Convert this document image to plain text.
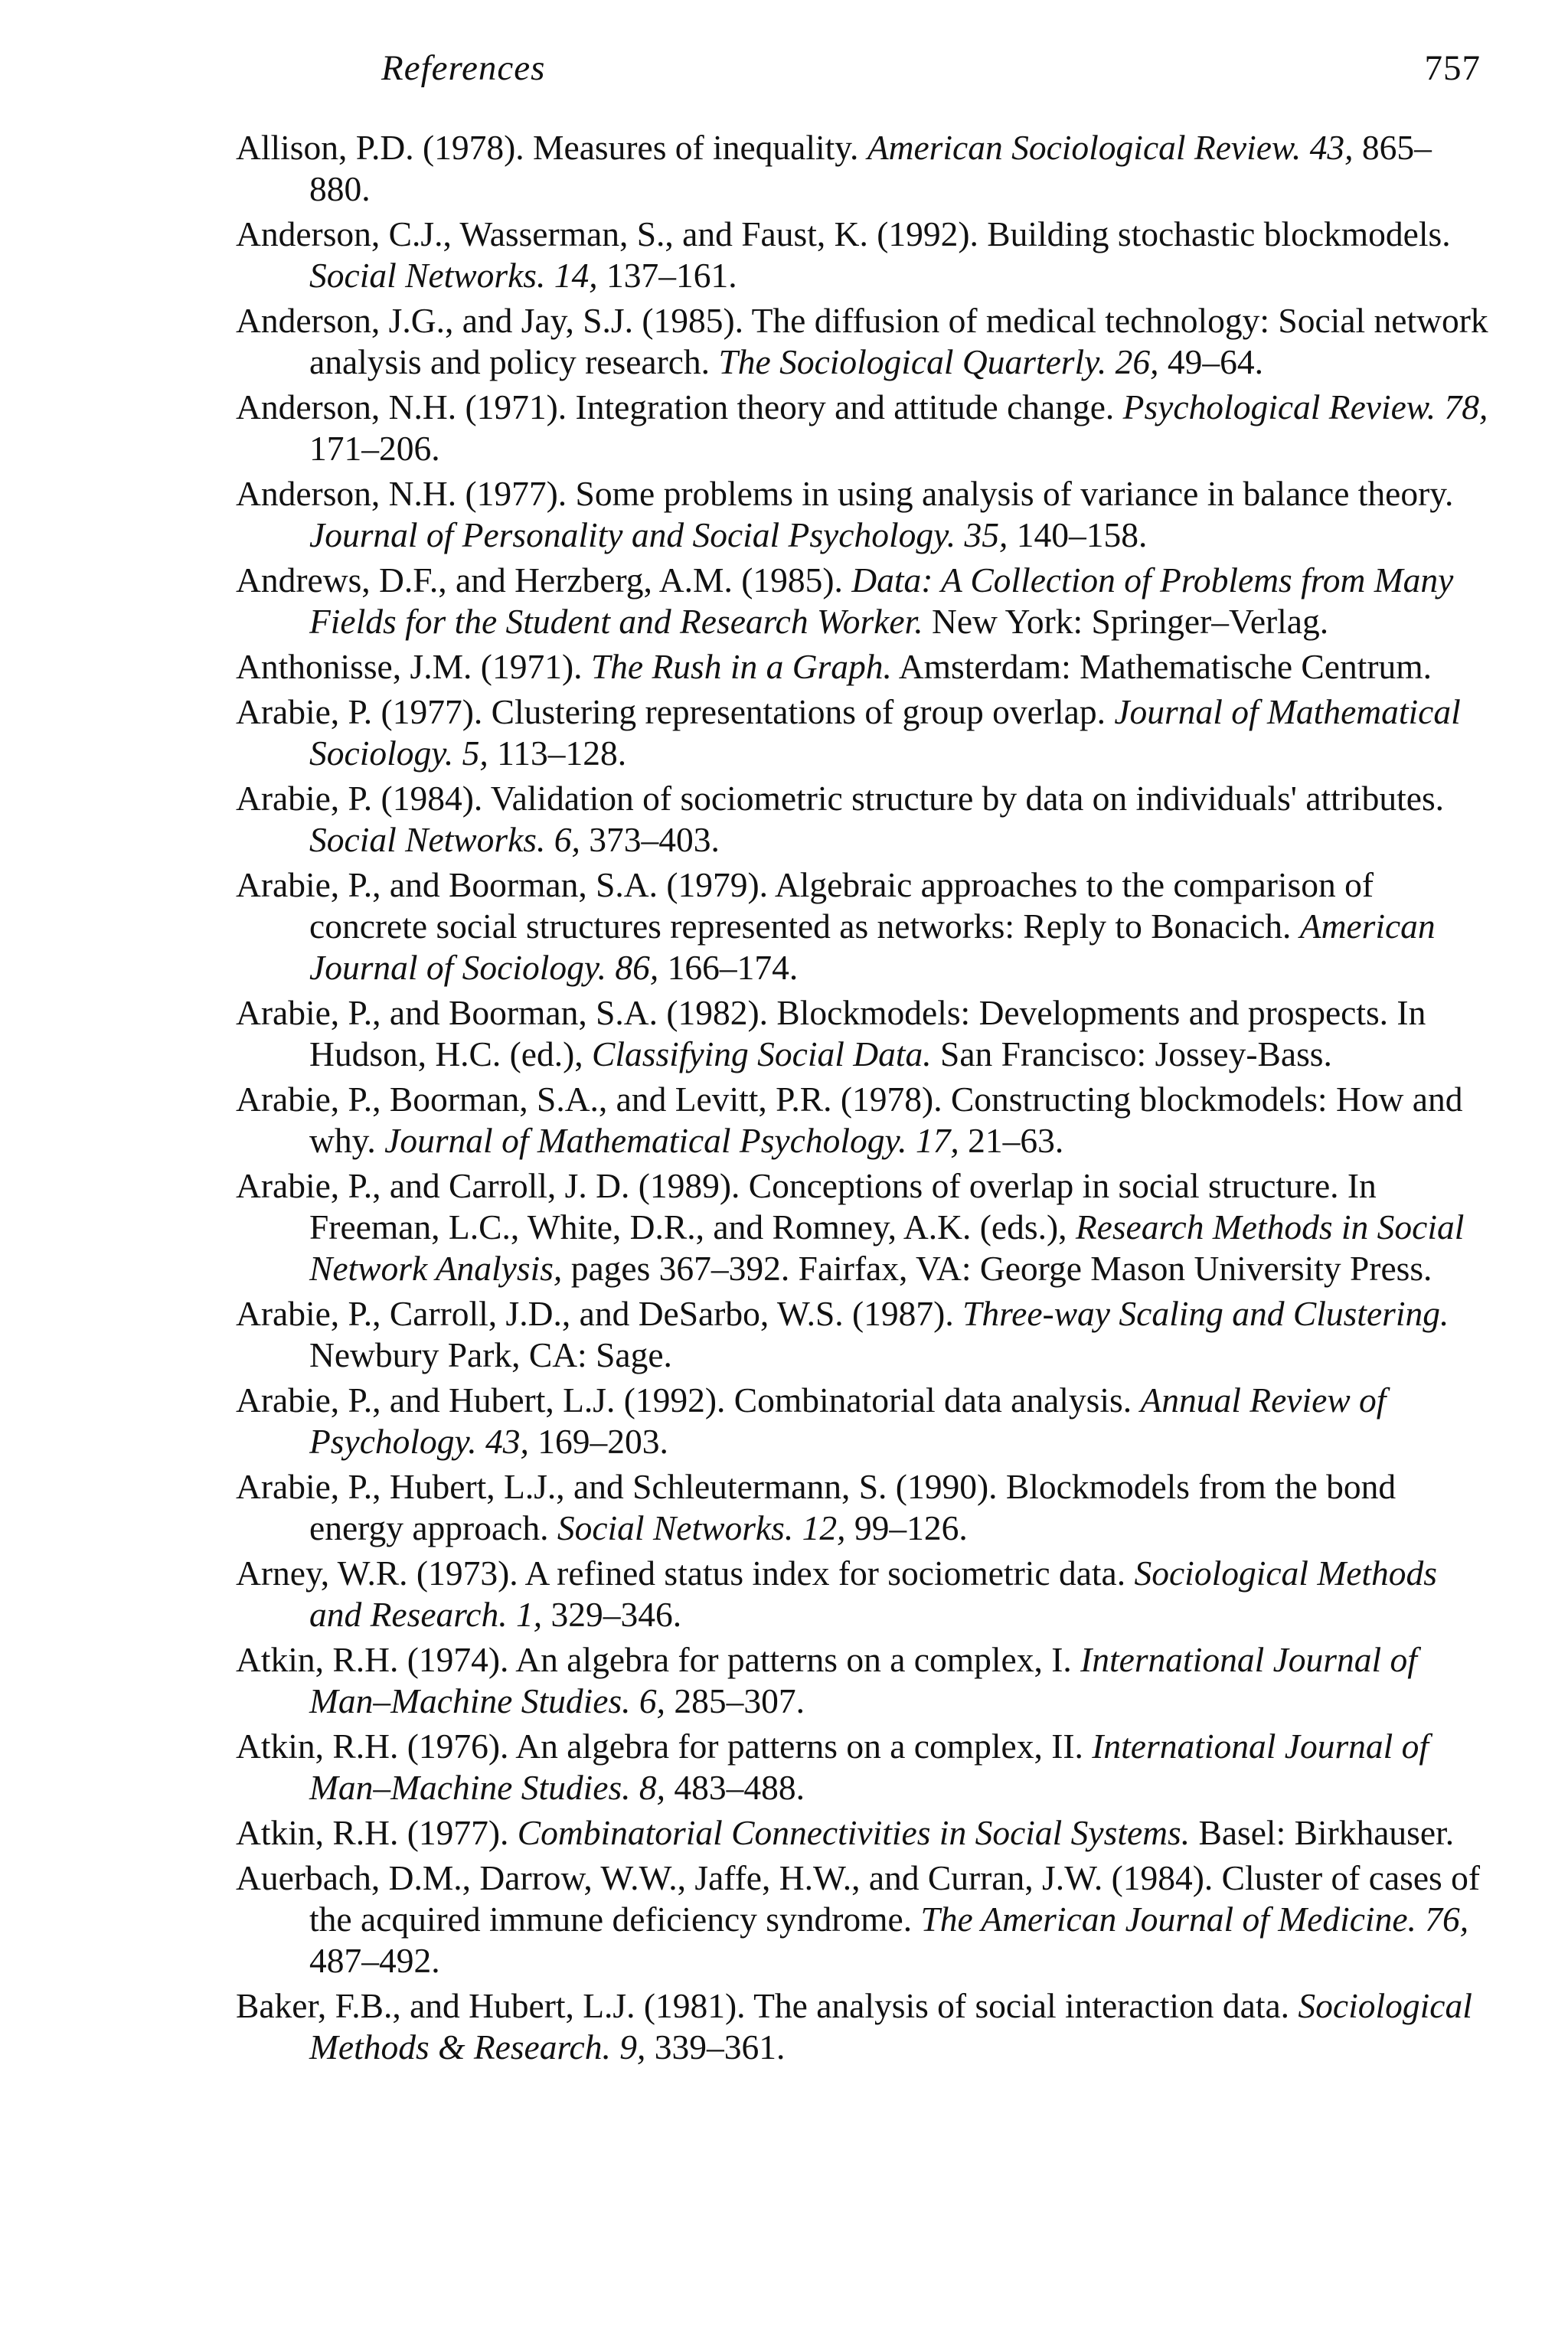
References	757
Allison, P.D. (1978). Measures of inequality. American Sociological Review. 43, 865–880.
Anderson, C.J., Wasserman, S., and Faust, K. (1992). Building stochastic blockmodels. Social Networks. 14, 137–161.
Anderson, J.G., and Jay, S.J. (1985). The diffusion of medical technology: Social network analysis and policy research. The Sociological Quarterly. 26, 49–64.
Anderson, N.H. (1971). Integration theory and attitude change. Psychological Review. 78, 171–206.
Anderson, N.H. (1977). Some problems in using analysis of variance in balance theory. Journal of Personality and Social Psychology. 35, 140–158.
Andrews, D.F., and Herzberg, A.M. (1985). Data: A Collection of Problems from Many Fields for the Student and Research Worker. New York: Springer–Verlag.
Anthonisse, J.M. (1971). The Rush in a Graph. Amsterdam: Mathematische Centrum.
Arabie, P. (1977). Clustering representations of group overlap. Journal of Mathematical Sociology. 5, 113–128.
Arabie, P. (1984). Validation of sociometric structure by data on individuals' attributes. Social Networks. 6, 373–403.
Arabie, P., and Boorman, S.A. (1979). Algebraic approaches to the comparison of concrete social structures represented as networks: Reply to Bonacich. American Journal of Sociology. 86, 166–174.
Arabie, P., and Boorman, S.A. (1982). Blockmodels: Developments and prospects. In Hudson, H.C. (ed.), Classifying Social Data. San Francisco: Jossey-Bass.
Arabie, P., Boorman, S.A., and Levitt, P.R. (1978). Constructing blockmodels: How and why. Journal of Mathematical Psychology. 17, 21–63.
Arabie, P., and Carroll, J. D. (1989). Conceptions of overlap in social structure. In Freeman, L.C., White, D.R., and Romney, A.K. (eds.), Research Methods in Social Network Analysis, pages 367–392. Fairfax, VA: George Mason University Press.
Arabie, P., Carroll, J.D., and DeSarbo, W.S. (1987). Three-way Scaling and Clustering. Newbury Park, CA: Sage.
Arabie, P., and Hubert, L.J. (1992). Combinatorial data analysis. Annual Review of Psychology. 43, 169–203.
Arabie, P., Hubert, L.J., and Schleutermann, S. (1990). Blockmodels from the bond energy approach. Social Networks. 12, 99–126.
Arney, W.R. (1973). A refined status index for sociometric data. Sociological Methods and Research. 1, 329–346.
Atkin, R.H. (1974). An algebra for patterns on a complex, I. International Journal of Man–Machine Studies. 6, 285–307.
Atkin, R.H. (1976). An algebra for patterns on a complex, II. International Journal of Man–Machine Studies. 8, 483–488.
Atkin, R.H. (1977). Combinatorial Connectivities in Social Systems. Basel: Birkhauser.
Auerbach, D.M., Darrow, W.W., Jaffe, H.W., and Curran, J.W. (1984). Cluster of cases of the acquired immune deficiency syndrome. The American Journal of Medicine. 76, 487–492.
Baker, F.B., and Hubert, L.J. (1981). The analysis of social interaction data. Sociological Methods & Research. 9, 339–361.
